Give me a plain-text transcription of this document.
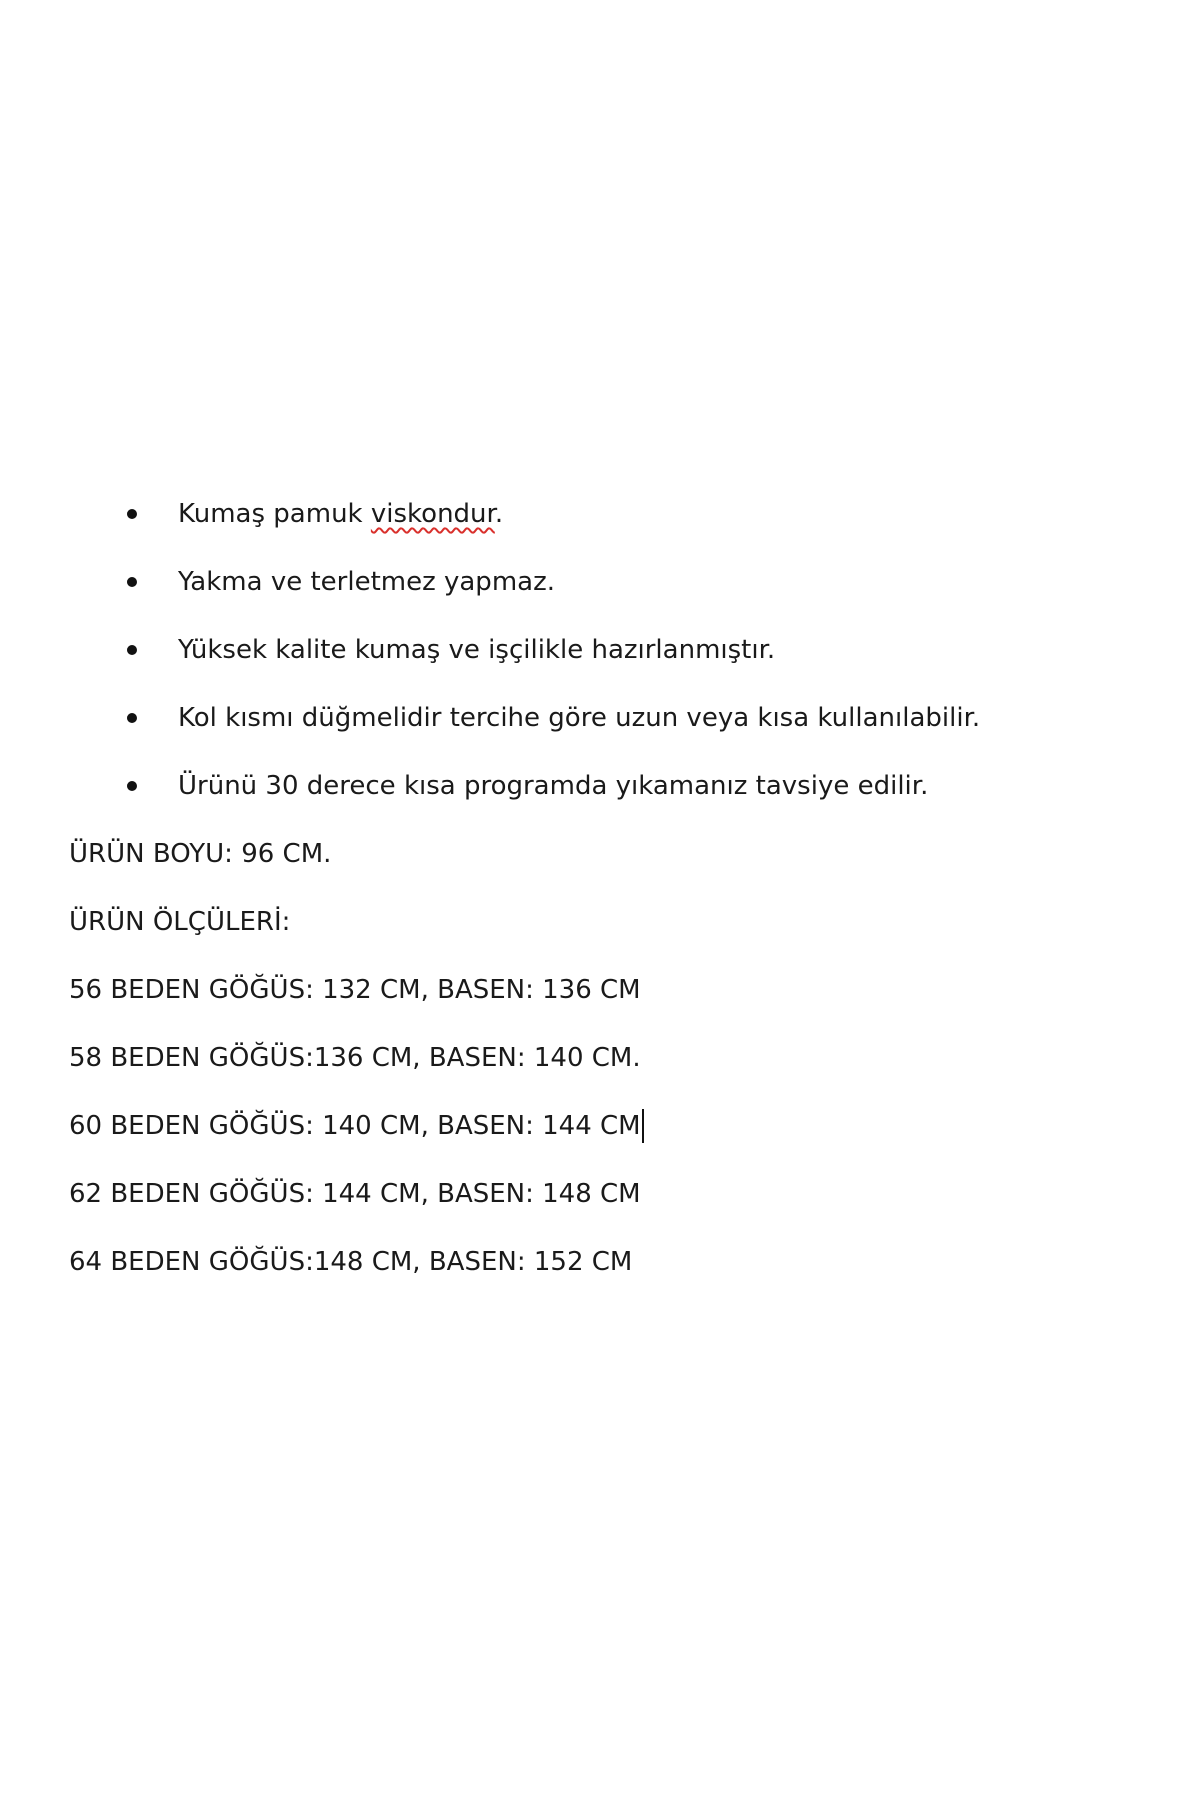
Kumaş pamuk viskondur.
Yakma ve terletmez yapmaz.
Yüksek kalite kumaş ve işçilikle hazırlanmıştır.
Kol kısmı düğmelidir tercihe göre uzun veya kısa kullanılabilir.
Ürünü 30 derece kısa programda yıkamanız tavsiye edilir.
ÜRÜN BOYU: 96 CM.
ÜRÜN ÖLÇÜLERİ:
56 BEDEN GÖĞÜS: 132 CM, BASEN: 136 CM
58 BEDEN GÖĞÜS:136 CM, BASEN: 140 CM.
60 BEDEN GÖĞÜS: 140 CM, BASEN: 144 CM
62 BEDEN GÖĞÜS: 144 CM, BASEN: 148 CM
64 BEDEN GÖĞÜS:148 CM, BASEN: 152 CM
